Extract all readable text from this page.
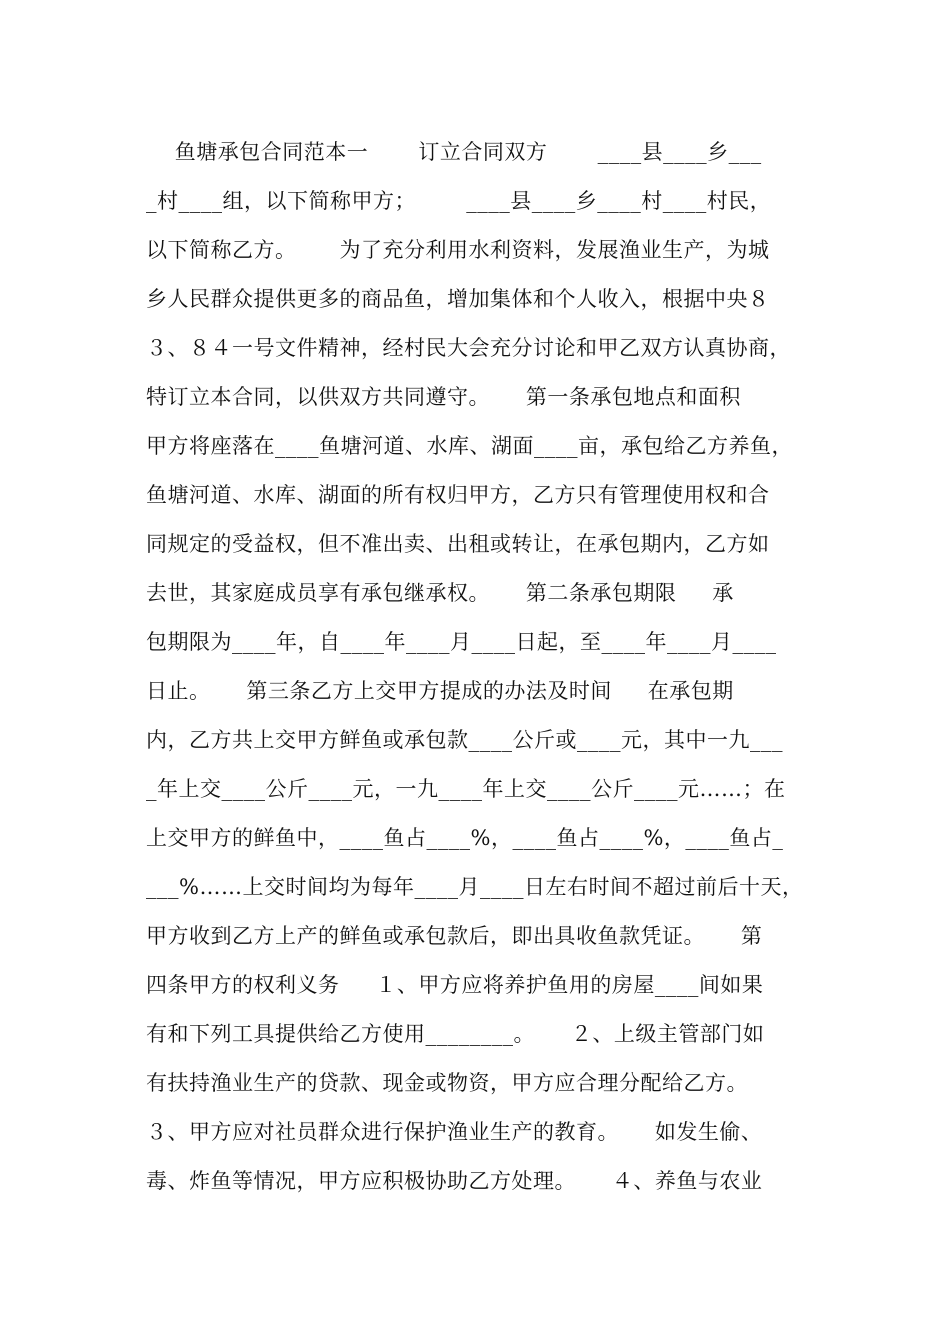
鱼塘承包合同范本一       订立合同双方       ____县____乡___
_村____组，以下简称甲方；       ____县____乡____村____村民，
以下简称乙方。      为了充分利用水利资料，发展渔业生产，为城
乡人民群众提供更多的商品鱼，增加集体和个人收入，根据中央８
３、８４一号文件精神，经村民大会充分讨论和甲乙双方认真协商，
特订立本合同，以供双方共同遵守。     第一条承包地点和面积
甲方将座落在____鱼塘河道、水库、湖面____亩，承包给乙方养鱼，
鱼塘河道、水库、湖面的所有权归甲方，乙方只有管理使用权和合
同规定的受益权，但不准出卖、出租或转让，在承包期内，乙方如
去世，其家庭成员享有承包继承权。     第二条承包期限     承
包期限为____年，自____年____月____日起，至____年____月____
日止。     第三条乙方上交甲方提成的办法及时间     在承包期
内，乙方共上交甲方鲜鱼或承包款____公斤或____元，其中一九___
_年上交____公斤____元，一九____年上交____公斤____元……；在
上交甲方的鲜鱼中，____鱼占____%，____鱼占____%，____鱼占_
___%……上交时间均为每年____月____日左右时间不超过前后十天，
甲方收到乙方上产的鲜鱼或承包款后，即出具收鱼款凭证。     第
四条甲方的权利义务     １、甲方应将养护鱼用的房屋____间如果
有和下列工具提供给乙方使用________。     ２、上级主管部门如
有扶持渔业生产的贷款、现金或物资，甲方应合理分配给乙方。
３、甲方应对社员群众进行保护渔业生产的教育。     如发生偷、
毒、炸鱼等情况，甲方应积极协助乙方处理。     ４、养鱼与农业
